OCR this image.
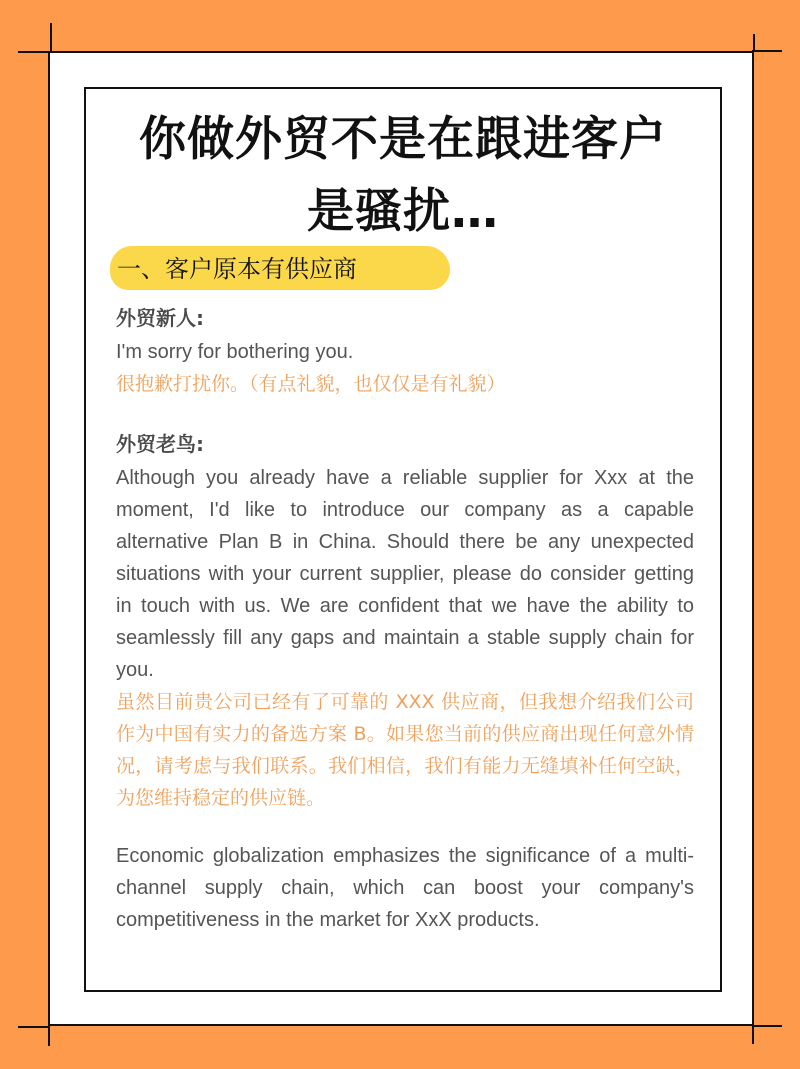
你做外贸不是在跟进客户
是骚扰…
一、客户原本有供应商
外贸新人:
I'm sorry for bothering you.
很抱歉打扰你。（有点礼貌，也仅仅是有礼貌）
外贸老鸟:
Although you already have a reliable supplier for Xxx at the moment, I'd like to introduce our company as a capable alternative Plan B in China. Should there be any unexpected situations with your current supplier, please do consider getting in touch with us. We are confident that we have the ability to seamlessly fill any gaps and maintain a stable supply chain for you.
虽然目前贵公司已经有了可靠的 XXX 供应商，但我想介绍我们公司作为中国有实力的备选方案 B。如果您当前的供应商出现任何意外情况，请考虑与我们联系。我们相信，我们有能力无缝填补任何空缺，为您维持稳定的供应链。
Economic globalization emphasizes the significance of a multi-channel supply chain, which can boost your company's competitiveness in the market for XxX products.
